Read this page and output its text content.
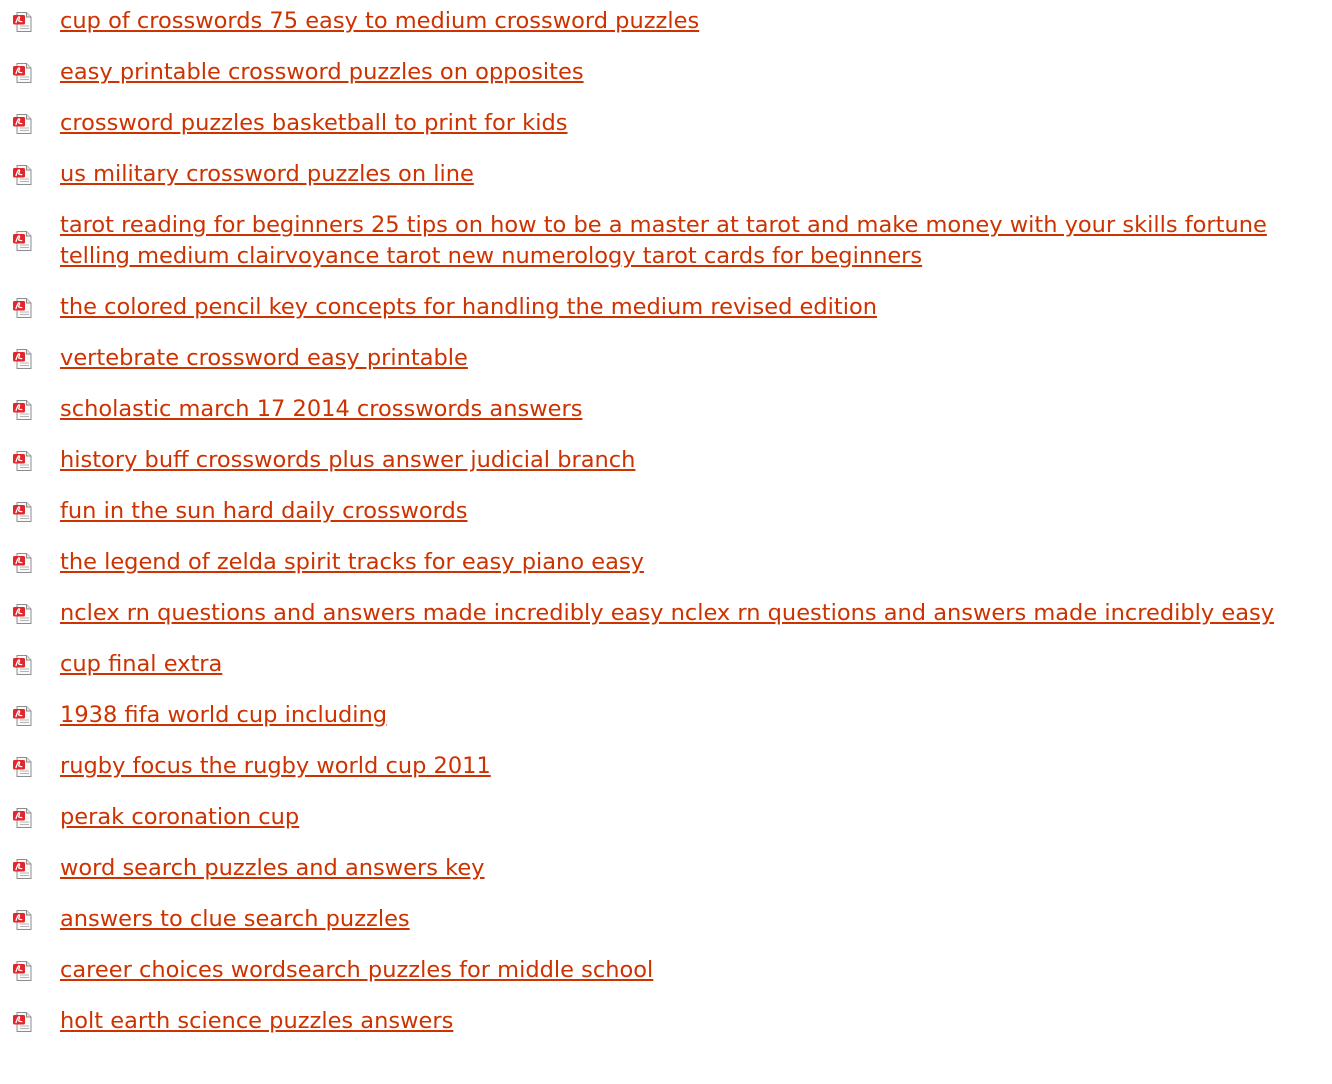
cup of crosswords 75 easy to medium crossword puzzles
easy printable crossword puzzles on opposites
crossword puzzles basketball to print for kids
us military crossword puzzles on line
tarot reading for beginners 25 tips on how to be a master at tarot and make money with your skills fortune telling medium clairvoyance tarot new numerology tarot cards for beginners
the colored pencil key concepts for handling the medium revised edition
vertebrate crossword easy printable
scholastic march 17 2014 crosswords answers
history buff crosswords plus answer judicial branch
fun in the sun hard daily crosswords
the legend of zelda spirit tracks for easy piano easy
nclex rn questions and answers made incredibly easy nclex rn questions and answers made incredibly easy
cup final extra
1938 fifa world cup including
rugby focus the rugby world cup 2011
perak coronation cup
word search puzzles and answers key
answers to clue search puzzles
career choices wordsearch puzzles for middle school
holt earth science puzzles answers
